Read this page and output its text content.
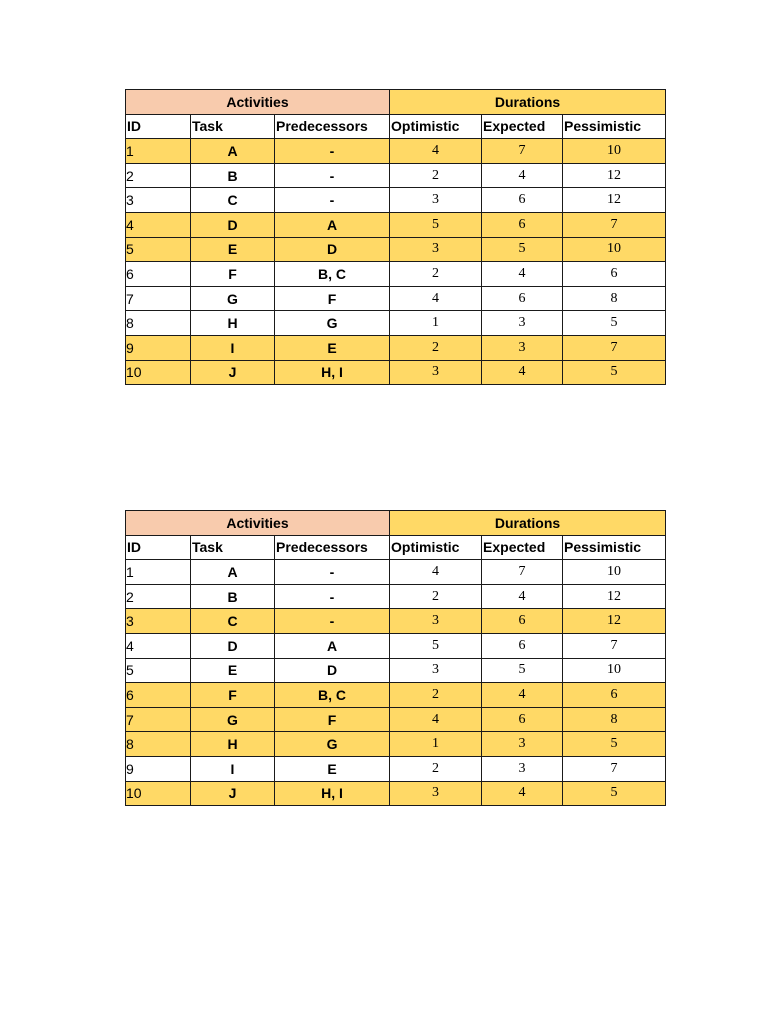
Activities			Durations		
ID	Task	Predecessors	Optimistic	Expected	Pessimistic
1	A	-	4	7	10
2	B	-	2	4	12
3	C	-	3	6	12
4	D	A	5	6	7
5	E	D	3	5	10
6	F	B, C	2	4	6
7	G	F	4	6	8
8	H	G	1	3	5
9	I	E	2	3	7
10	J	H, I	3	4	5
Activities			Durations		
ID	Task	Predecessors	Optimistic	Expected	Pessimistic
1	A	-	4	7	10
2	B	-	2	4	12
3	C	-	3	6	12
4	D	A	5	6	7
5	E	D	3	5	10
6	F	B, C	2	4	6
7	G	F	4	6	8
8	H	G	1	3	5
9	I	E	2	3	7
10	J	H, I	3	4	5
